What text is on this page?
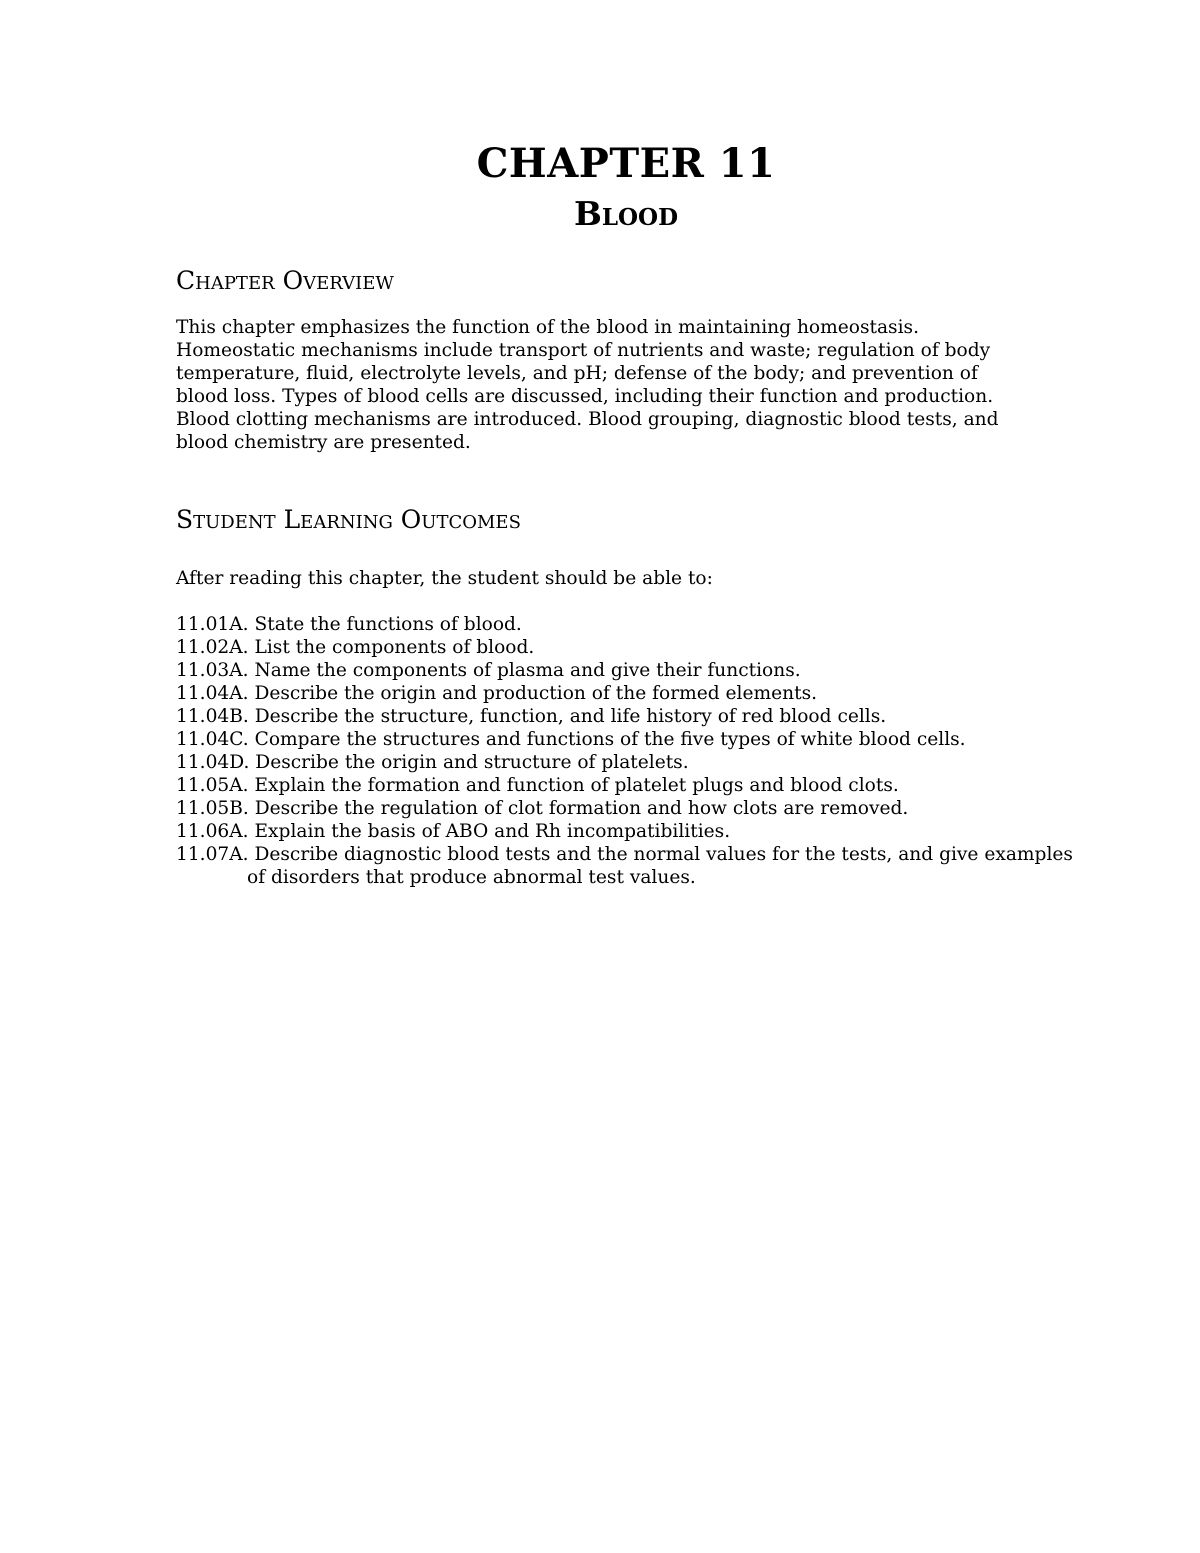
CHAPTER 11
Blood
Chapter Overview
This chapter emphasizes the function of the blood in maintaining homeostasis.
Homeostatic mechanisms include transport of nutrients and waste; regulation of body
temperature, fluid, electrolyte levels, and pH; defense of the body; and prevention of
blood loss. Types of blood cells are discussed, including their function and production.
Blood clotting mechanisms are introduced. Blood grouping, diagnostic blood tests, and
blood chemistry are presented.
Student Learning Outcomes
After reading this chapter, the student should be able to:
11.01A. State the functions of blood.
11.02A. List the components of blood.
11.03A. Name the components of plasma and give their functions.
11.04A. Describe the origin and production of the formed elements.
11.04B. Describe the structure, function, and life history of red blood cells.
11.04C. Compare the structures and functions of the five types of white blood cells.
11.04D. Describe the origin and structure of platelets.
11.05A. Explain the formation and function of platelet plugs and blood clots.
11.05B. Describe the regulation of clot formation and how clots are removed.
11.06A. Explain the basis of ABO and Rh incompatibilities.
11.07A. Describe diagnostic blood tests and the normal values for the tests, and give examples of disorders that produce abnormal test values.
